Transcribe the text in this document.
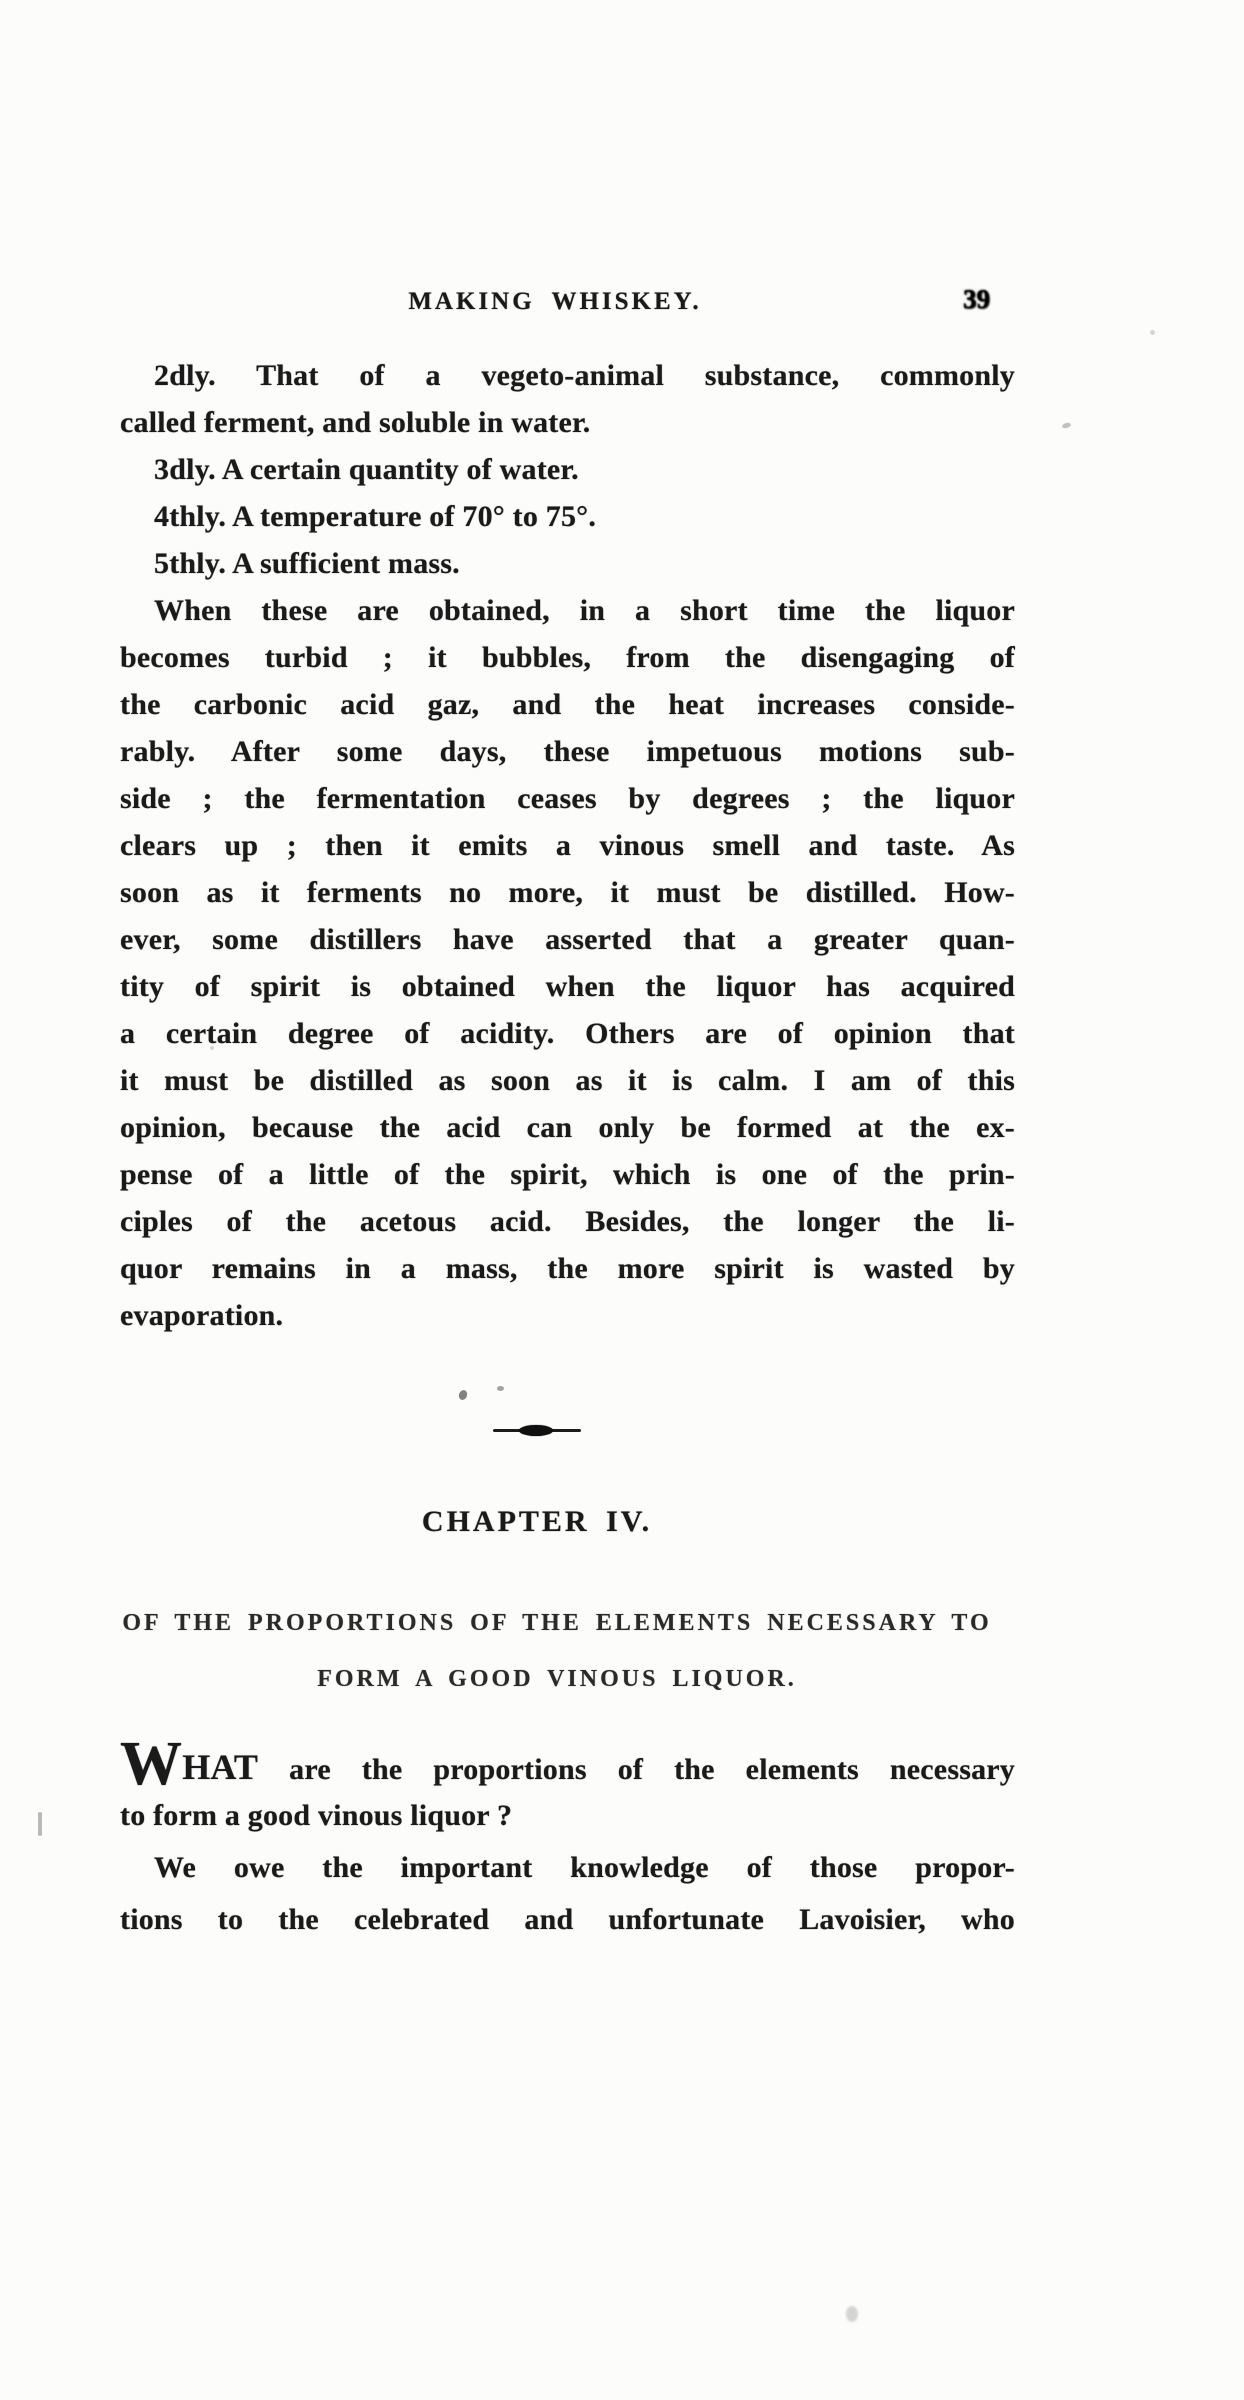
MAKING WHISKEY.	39
2dly. That of a vegeto-animal substance, commonly
called ferment, and soluble in water.
3dly. A certain quantity of water.
4thly. A temperature of 70° to 75°.
5thly. A sufficient mass.
When these are obtained, in a short time the liquor
becomes turbid ; it bubbles, from the disengaging of
the carbonic acid gaz, and the heat increases conside-
rably. After some days, these impetuous motions sub-
side ; the fermentation ceases by degrees ; the liquor
clears up ; then it emits a vinous smell and taste. As
soon as it ferments no more, it must be distilled. How-
ever, some distillers have asserted that a greater quan-
tity of spirit is obtained when the liquor has acquired
a certain degree of acidity. Others are of opinion that
it must be distilled as soon as it is calm. I am of this
opinion, because the acid can only be formed at the ex-
pense of a little of the spirit, which is one of the prin-
ciples of the acetous acid. Besides, the longer the li-
quor remains in a mass, the more spirit is wasted by
evaporation.
CHAPTER IV.
OF THE PROPORTIONS OF THE ELEMENTS NECESSARY TO
FORM A GOOD VINOUS LIQUOR.
WHAT are the proportions of the elements necessary
to form a good vinous liquor ?
We owe the important knowledge of those propor-
tions to the celebrated and unfortunate Lavoisier, who
